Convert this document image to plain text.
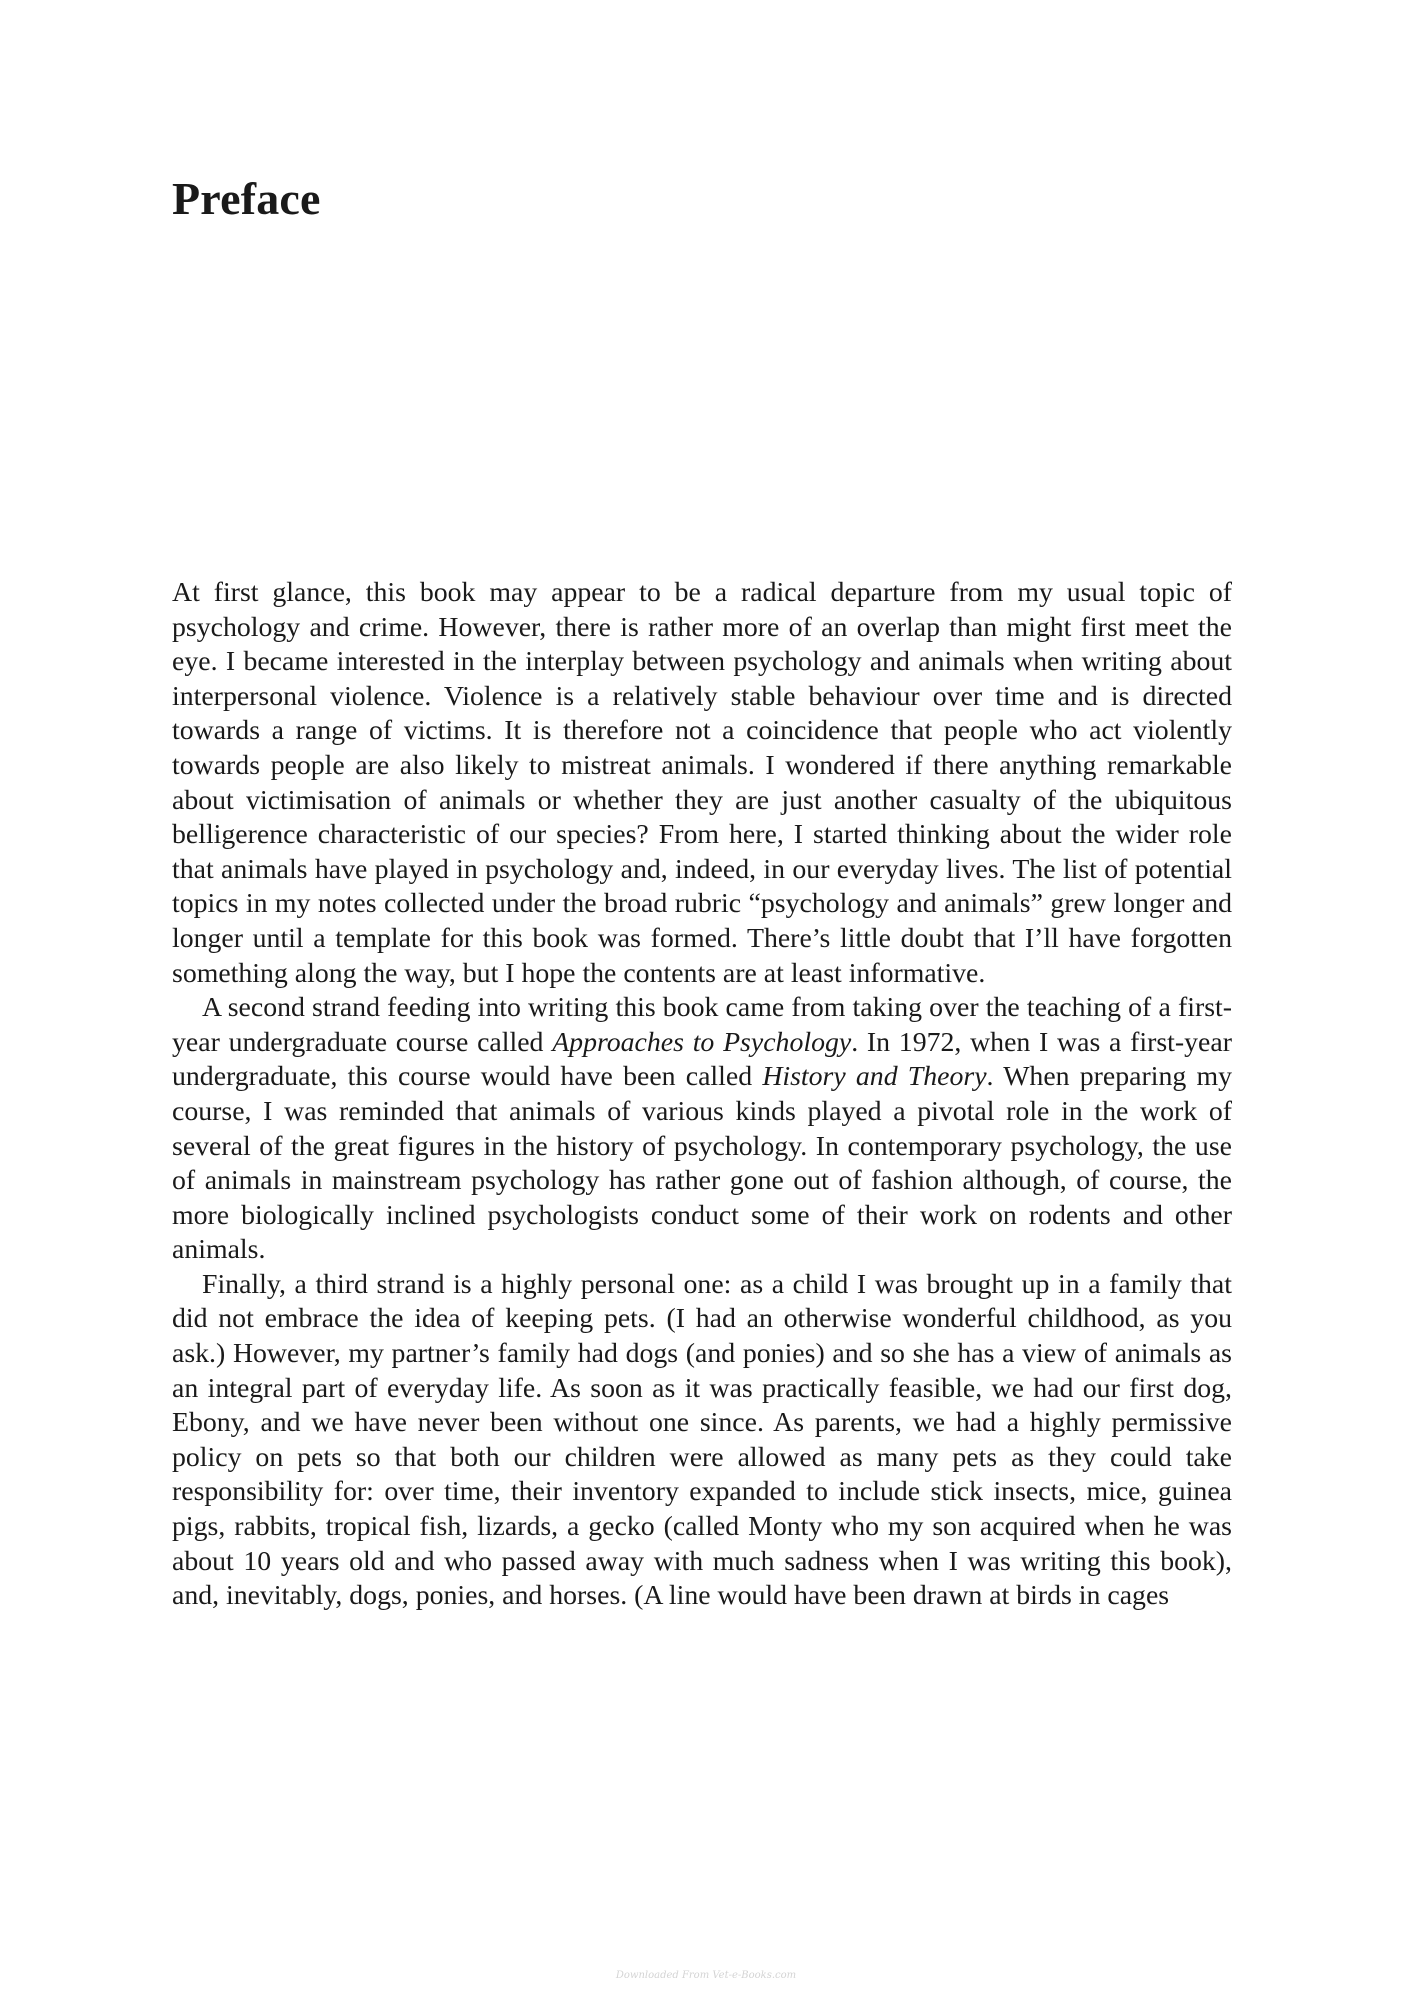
Preface

At first glance, this book may appear to be a radical departure from my usual topic of psychology and crime. However, there is rather more of an overlap than might first meet the eye. I became interested in the interplay between psychology and animals when writing about interpersonal violence. Violence is a relatively stable behaviour over time and is directed towards a range of victims. It is therefore not a coincidence that people who act violently towards people are also likely to mistreat animals. I wondered if there anything remarkable about victimisation of animals or whether they are just another casualty of the ubiquitous belligerence characteristic of our species? From here, I started thinking about the wider role that animals have played in psychology and, indeed, in our everyday lives. The list of potential topics in my notes collected under the broad rubric “psychology and animals” grew longer and longer until a template for this book was formed. There’s little doubt that I’ll have forgotten something along the way, but I hope the contents are at least informative.

A second strand feeding into writing this book came from taking over the teaching of a first-year undergraduate course called Approaches to Psychology. In 1972, when I was a first-year undergraduate, this course would have been called History and Theory. When preparing my course, I was reminded that animals of various kinds played a pivotal role in the work of several of the great figures in the history of psychology. In contemporary psychology, the use of animals in mainstream psychology has rather gone out of fashion although, of course, the more biologically inclined psychologists conduct some of their work on rodents and other animals.

Finally, a third strand is a highly personal one: as a child I was brought up in a family that did not embrace the idea of keeping pets. (I had an otherwise wonderful childhood, as you ask.) However, my partner’s family had dogs (and ponies) and so she has a view of animals as an integral part of everyday life. As soon as it was practically feasible, we had our first dog, Ebony, and we have never been without one since. As parents, we had a highly permissive policy on pets so that both our children were allowed as many pets as they could take responsibility for: over time, their inventory expanded to include stick insects, mice, guinea pigs, rabbits, tropical fish, lizards, a gecko (called Monty who my son acquired when he was about 10 years old and who passed away with much sadness when I was writing this book), and, inevitably, dogs, ponies, and horses. (A line would have been drawn at birds in cages

Downloaded From Vet-e-Books.com
